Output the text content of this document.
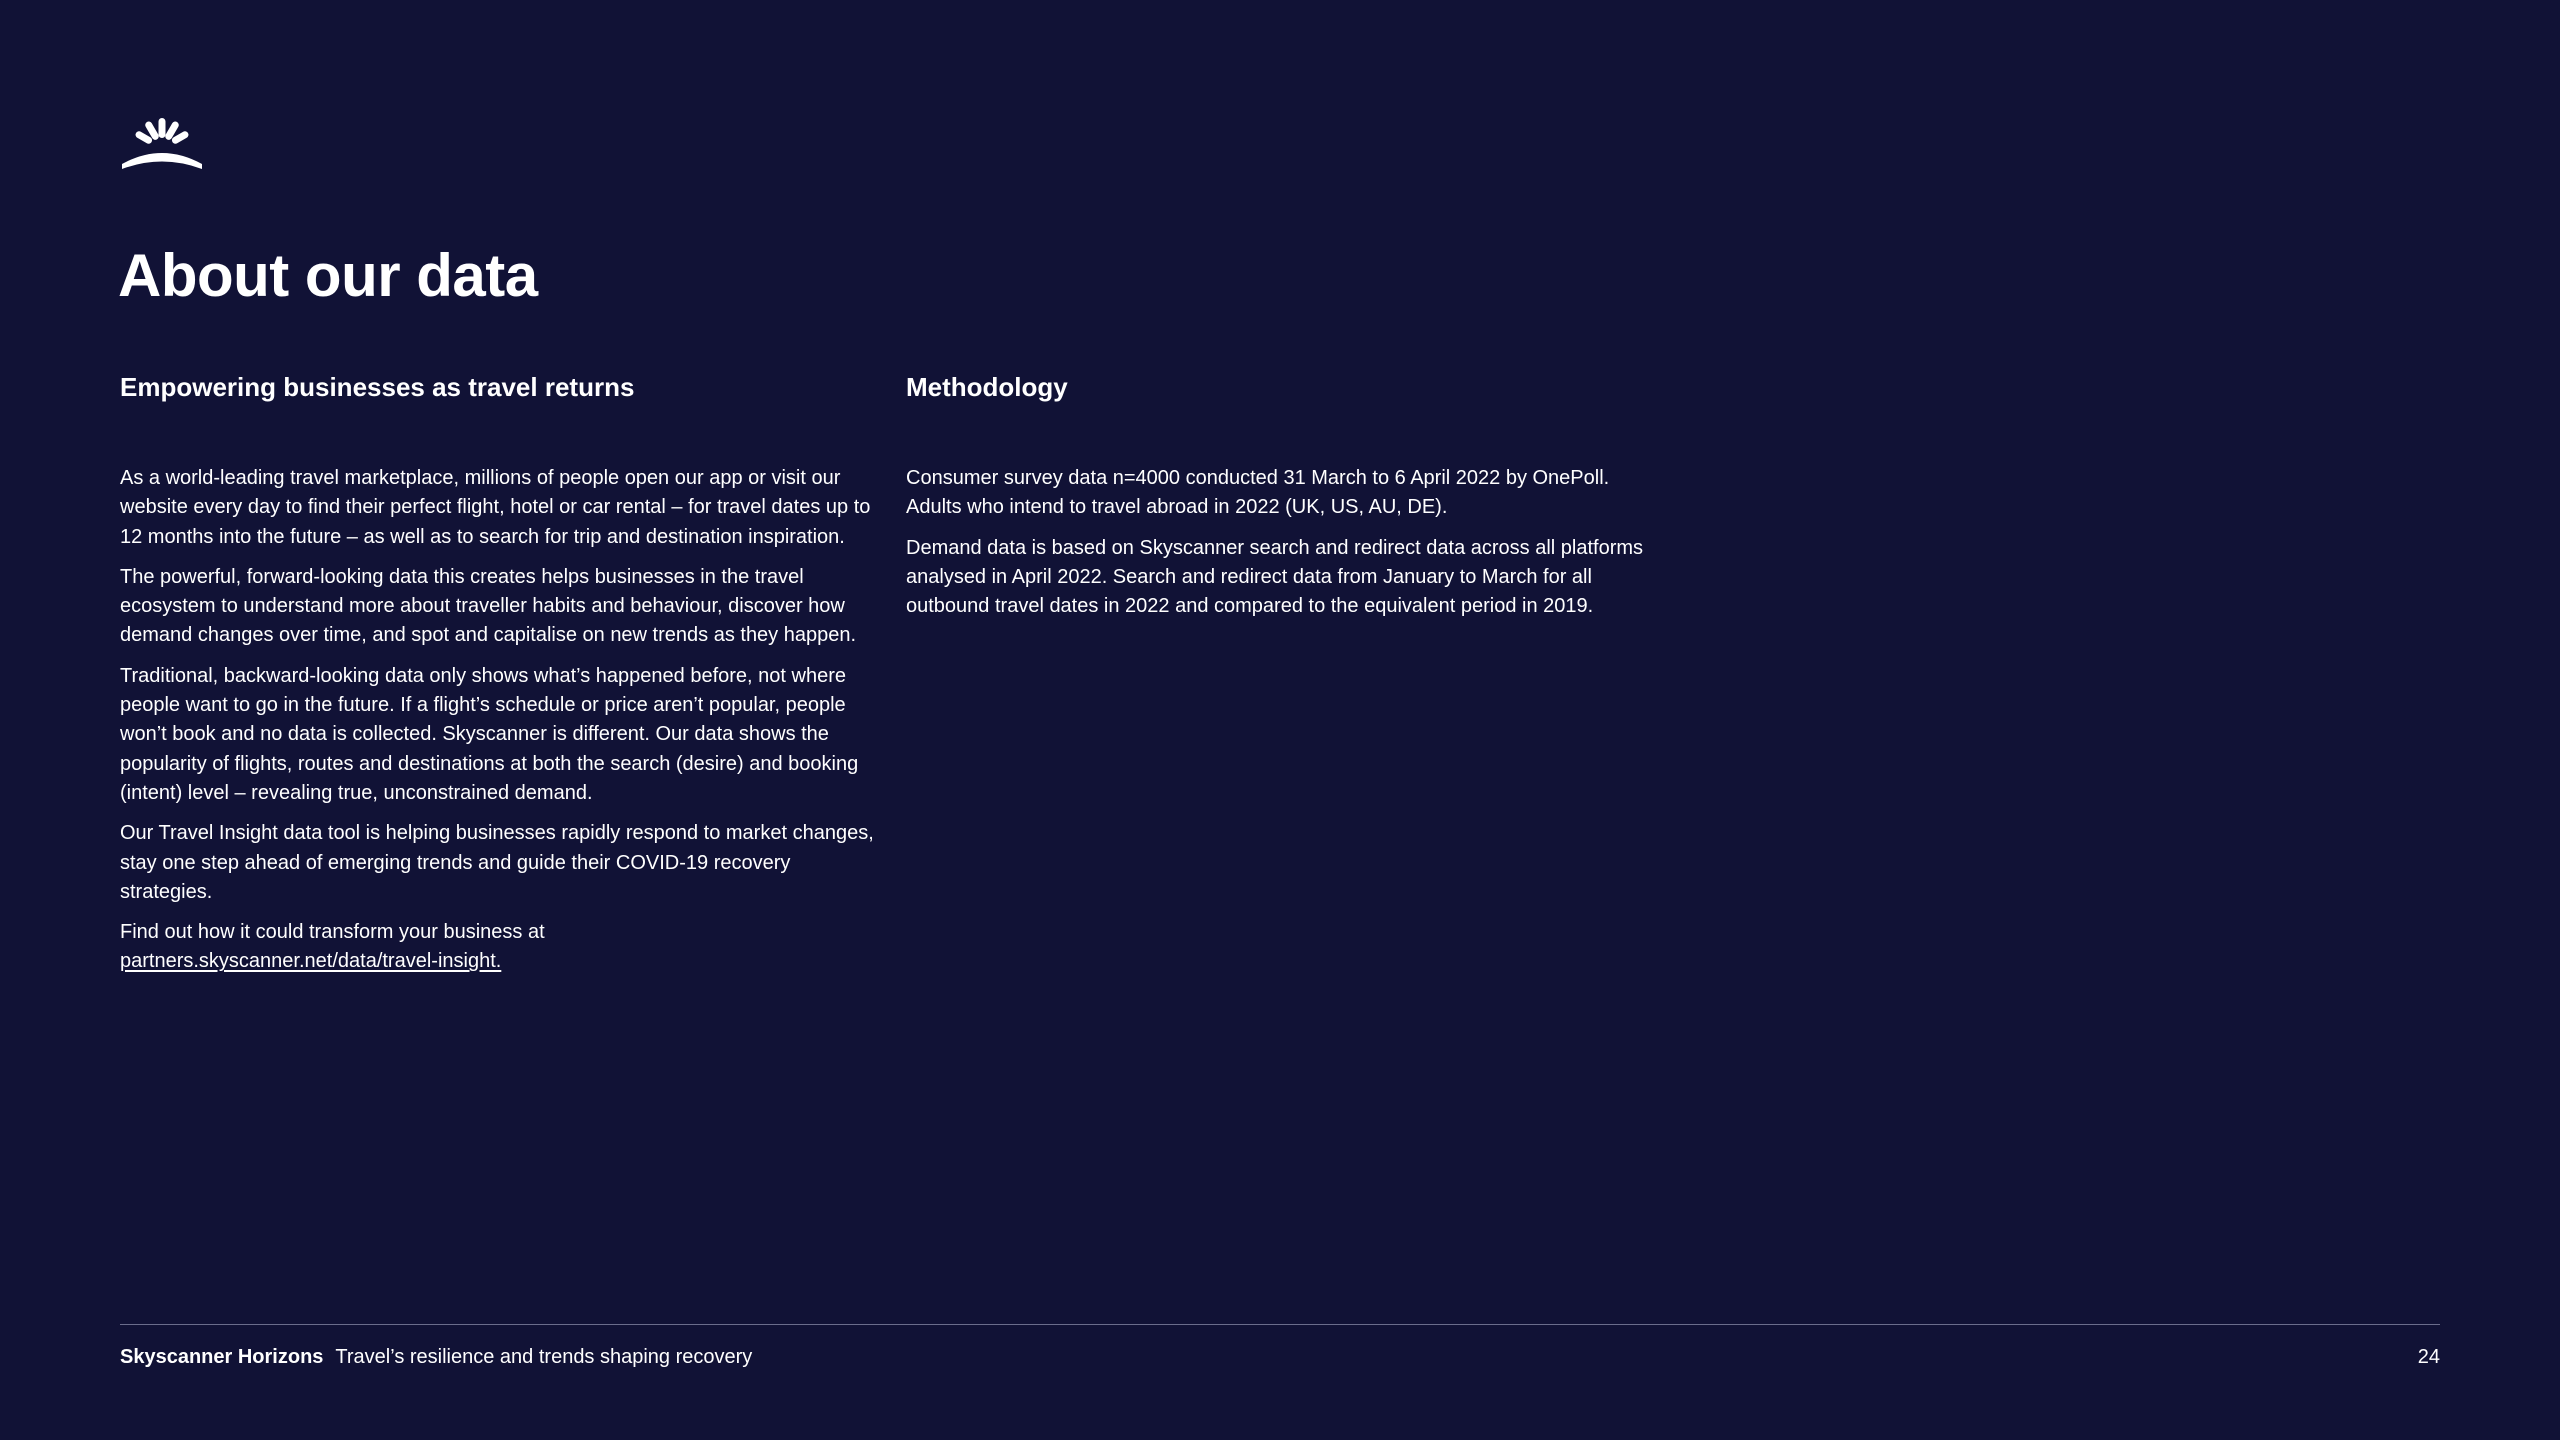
About our data
Empowering businesses as travel returns

As a world-leading travel marketplace, millions of people open our app or visit our website every day to find their perfect flight, hotel or car rental – for travel dates up to 12 months into the future – as well as to search for trip and destination inspiration.

The powerful, forward-looking data this creates helps businesses in the travel ecosystem to understand more about traveller habits and behaviour, discover how demand changes over time, and spot and capitalise on new trends as they happen.

Traditional, backward-looking data only shows what’s happened before, not where people want to go in the future. If a flight’s schedule or price aren’t popular, people won’t book and no data is collected. Skyscanner is different. Our data shows the popularity of flights, routes and destinations at both the search (desire) and booking (intent) level – revealing true, unconstrained demand.

Our Travel Insight data tool is helping businesses rapidly respond to market changes, stay one step ahead of emerging trends and guide their COVID-19 recovery strategies.

Find out how it could transform your business at
partners.skyscanner.net/data/travel-insight.

Methodology

Consumer survey data n=4000 conducted 31 March to 6 April 2022 by OnePoll. Adults who intend to travel abroad in 2022 (UK, US, AU, DE).

Demand data is based on Skyscanner search and redirect data across all platforms analysed in April 2022. Search and redirect data from January to March for all outbound travel dates in 2022 and compared to the equivalent period in 2019.

Skyscanner Horizons Travel’s resilience and trends shaping recovery	24
